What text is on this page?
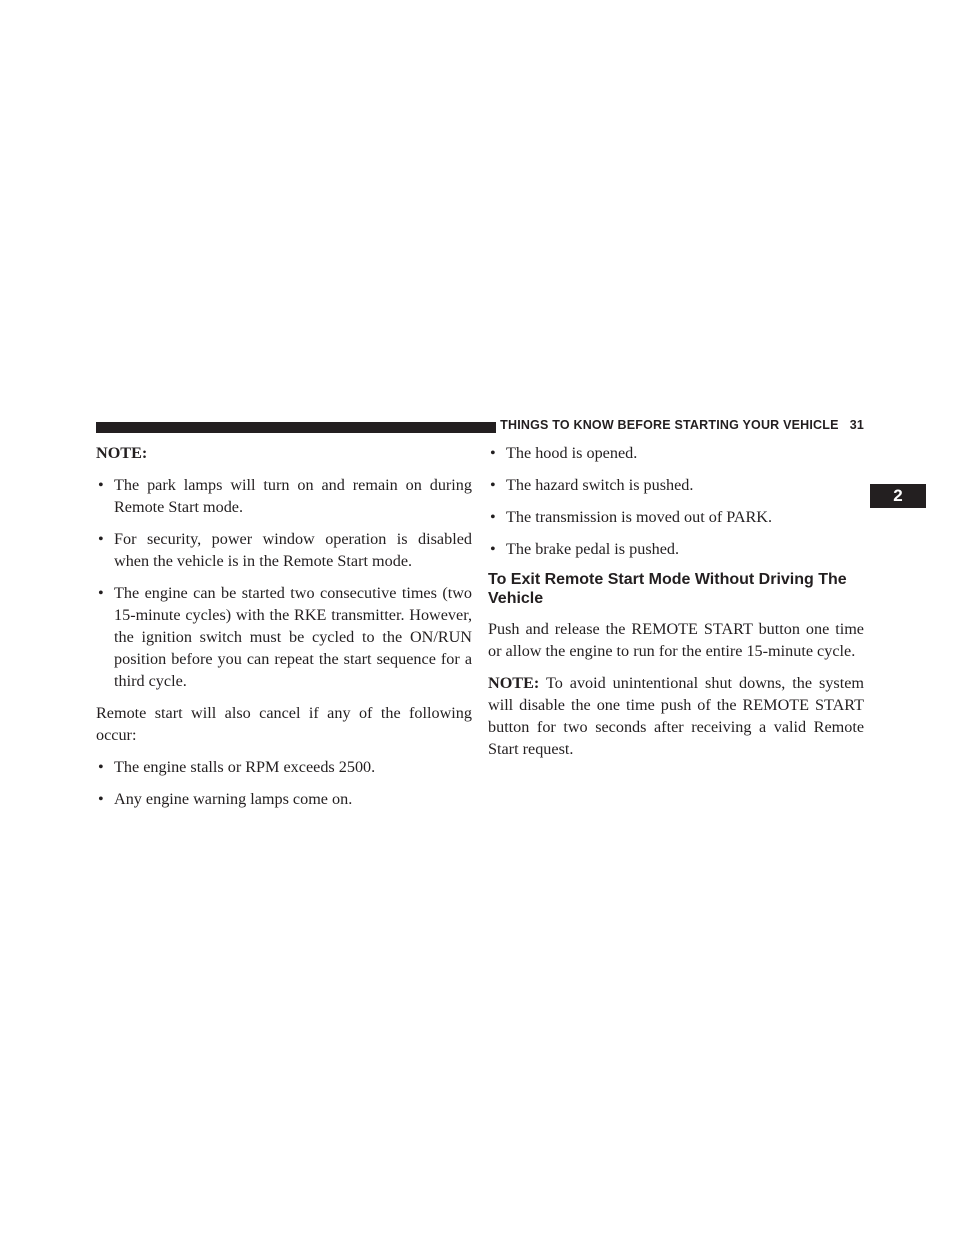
THINGS TO KNOW BEFORE STARTING YOUR VEHICLE 31
2
NOTE:
• The park lamps will turn on and remain on during Remote Start mode.
• For security, power window operation is disabled when the vehicle is in the Remote Start mode.
• The engine can be started two consecutive times (two 15-minute cycles) with the RKE transmitter. However, the ignition switch must be cycled to the ON/RUN position before you can repeat the start sequence for a third cycle.

Remote start will also cancel if any of the following occur:

• The engine stalls or RPM exceeds 2500.
• Any engine warning lamps come on.
• The hood is opened.
• The hazard switch is pushed.
• The transmission is moved out of PARK.
• The brake pedal is pushed.
To Exit Remote Start Mode Without Driving The Vehicle

Push and release the REMOTE START button one time or allow the engine to run for the entire 15-minute cycle.

NOTE: To avoid unintentional shut downs, the system will disable the one time push of the REMOTE START button for two seconds after receiving a valid Remote Start request.
